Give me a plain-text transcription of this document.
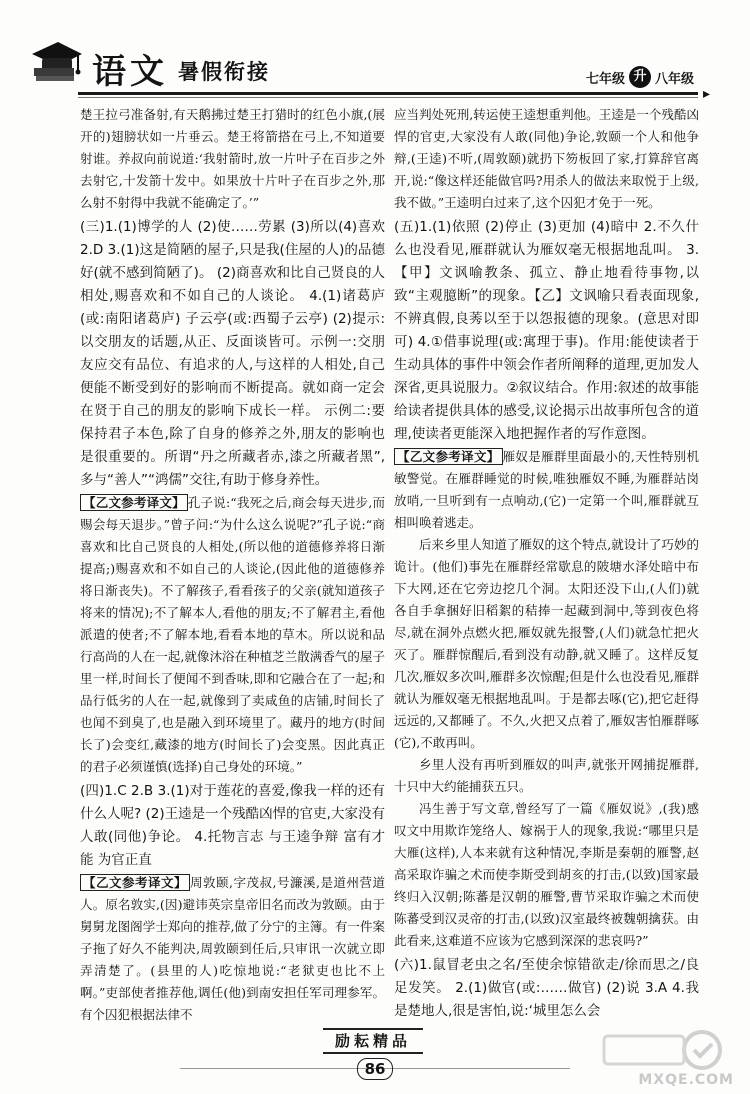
语文 暑假衔接	七年级 升 八年级
▸

楚王拉弓准备射,有天鹅拂过楚王打猎时的红色小旗,(展开的)翅膀状如一片垂云。楚王将箭搭在弓上,不知道要射谁。养叔向前说道:‘我射箭时,放一片叶子在百步之外去射它,十发箭十发中。如果放十片叶子在百步之外,那么射不射得中我就不能确定了。’”

(三)1.(1)博学的人 (2)使……劳累 (3)所以(4)喜欢 2.D 3.(1)这是简陋的屋子,只是我(住屋的人)的品德好(就不感到简陋了)。 (2)商喜欢和比自己贤良的人相处,赐喜欢和不如自己的人谈论。 4.(1)诸葛庐(或:南阳诸葛庐) 子云亭(或:西蜀子云亭) (2)提示:以交朋友的话题,从正、反面谈皆可。示例一:交朋友应交有品位、有追求的人,与这样的人相处,自己便能不断受到好的影响而不断提高。就如商一定会在贤于自己的朋友的影响下成长一样。 示例二:要保持君子本色,除了自身的修养之外,朋友的影响也是很重要的。所谓“丹之所藏者赤,漆之所藏者黑”,多与“善人”“鸿儒”交往,有助于修身养性。

【乙文参考译文】 孔子说:“我死之后,商会每天进步,而赐会每天退步。”曾子问:“为什么这么说呢?”孔子说:“商喜欢和比自己贤良的人相处,(所以他的道德修养将日渐提高;)赐喜欢和不如自己的人谈论,(因此他的道德修养将日渐丧失)。不了解孩子,看看孩子的父亲(就知道孩子将来的情况);不了解本人,看他的朋友;不了解君主,看他派遣的使者;不了解本地,看看本地的草木。所以说和品行高尚的人在一起,就像沐浴在种植芝兰散满香气的屋子里一样,时间长了便闻不到香味,即和它融合在了一起;和品行低劣的人在一起,就像到了卖咸鱼的店铺,时间长了也闻不到臭了,也是融入到环境里了。藏丹的地方(时间长了)会变红,藏漆的地方(时间长了)会变黑。因此真正的君子必须谨慎(选择)自己身处的环境。”

(四)1.C 2.B 3.(1)对于莲花的喜爱,像我一样的还有什么人呢? (2)王逵是一个残酷凶悍的官吏,大家没有人敢(同他)争论。 4.托物言志 与王逵争辩 富有才能 为官正直

【乙文参考译文】 周敦颐,字茂叔,号濂溪,是道州营道人。原名敦实,(因)避讳英宗皇帝旧名而改为敦颐。由于舅舅龙图阁学士郑向的推荐,做了分宁的主簿。有一件案子拖了好久不能判决,周敦颐到任后,只审讯一次就立即弄清楚了。(县里的人)吃惊地说:“老狱吏也比不上啊。”吏部使者推荐他,调任(他)到南安担任军司理参军。有个囚犯根据法律不

应当判处死刑,转运使王逵想重判他。王逵是一个残酷凶悍的官吏,大家没有人敢(同他)争论,敦颐一个人和他争辩,(王逵)不听,(周敦颐)就扔下笏板回了家,打算辞官离开,说:“像这样还能做官吗?用杀人的做法来取悦于上级,我不做。”王逵明白过来了,这个囚犯才免于一死。

(五)1.(1)依照 (2)停止 (3)更加 (4)暗中 2.不久什么也没看见,雁群就认为雁奴毫无根据地乱叫。 3.【甲】文讽喻教条、孤立、静止地看待事物,以致“主观臆断”的现象。【乙】文讽喻只看表面现象,不辨真假,良莠以至于以怨报德的现象。(意思对即可) 4.①借事说理(或:寓理于事)。作用:能使读者于生动具体的事件中领会作者所阐释的道理,更加发人深省,更具说服力。②叙议结合。作用:叙述的故事能给读者提供具体的感受,议论揭示出故事所包含的道理,使读者更能深入地把握作者的写作意图。

【乙文参考译文】 雁奴是雁群里面最小的,天性特别机敏警觉。在雁群睡觉的时候,唯独雁奴不睡,为雁群站岗放哨,一旦听到有一点响动,(它)一定第一个叫,雁群就互相叫唤着逃走。

后来乡里人知道了雁奴的这个特点,就设计了巧妙的诡计。(他们)事先在雁群经常歇息的陂塘水泽处暗中布下大网,还在它旁边挖几个洞。太阳还没下山,(人们)就各自手拿捆好旧稻絮的秸捧一起藏到洞中,等到夜色将尽,就在洞外点燃火把,雁奴就先报警,(人们)就急忙把火灭了。雁群惊醒后,看到没有动静,就又睡了。这样反复几次,雁奴多次叫,雁群多次惊醒;但是什么也没看见,雁群就认为雁奴毫无根据地乱叫。于是都去啄(它),把它赶得远远的,又都睡了。不久,火把又点着了,雁奴害怕雁群啄(它),不敢再叫。

乡里人没有再听到雁奴的叫声,就张开网捕捉雁群,十只中大约能捕获五只。

冯生善于写文章,曾经写了一篇《雁奴说》,(我)感叹文中用欺诈笼络人、嫁祸于人的现象,我说:“哪里只是大雁(这样),人本来就有这种情况,李斯是秦朝的雁警,赵高采取诈骗之术而使李斯受到胡亥的打击,(以致)国家最终归入汉朝;陈蕃是汉朝的雁警,曹节采取诈骗之术而使陈蕃受到汉灵帝的打击,(以致)汉室最终被魏朝擒获。由此看来,这难道不应该为它感到深深的悲哀吗?”

(六)1.鼠冒老虫之名/至使余惊错欲走/徐而思之/良足发笑。 2.(1)做官(或:……做官) (2)说 3.A 4.我是楚地人,很是害怕,说:‘城里怎么会

励耘精品
86
MXQE.COM
